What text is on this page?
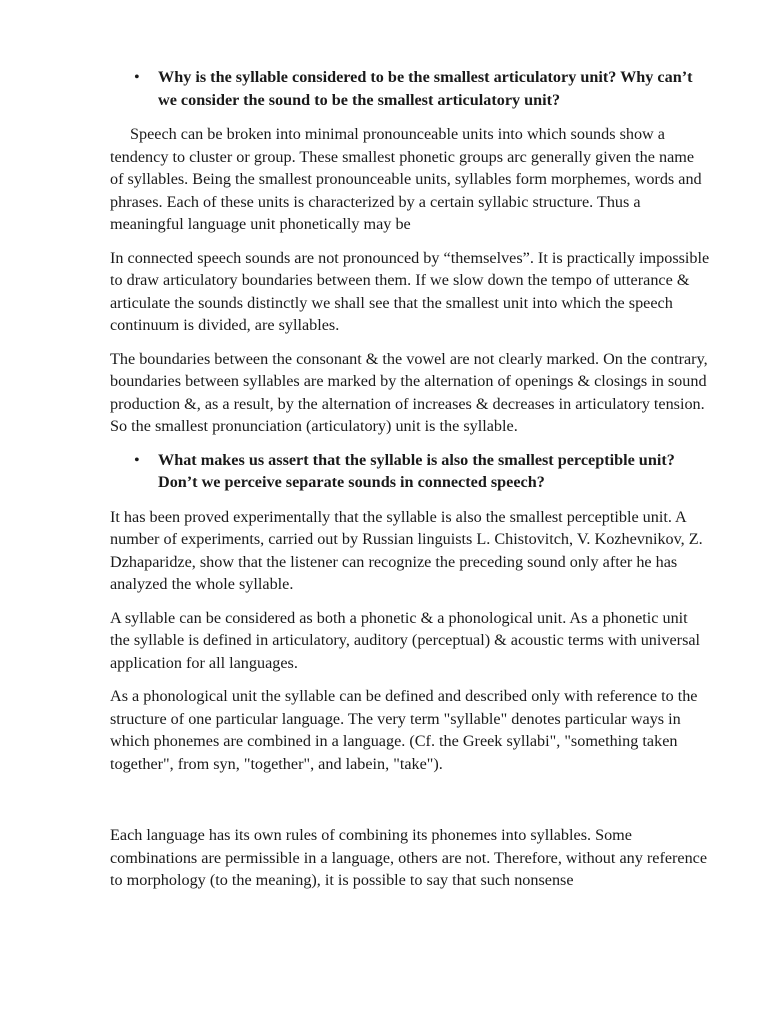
•	Why is the syllable considered to be the smallest articulatory unit? Why can’t we consider the sound to be the smallest articulatory unit?

Speech can be broken into minimal pronounceable units into which sounds show a tendency to cluster or group. These smallest phonetic groups arc generally given the name of syllables. Being the smallest pronounceable units, syllables form morphemes, words and phrases. Each of these units is characterized by a certain syllabic structure. Thus a meaningful language unit phonetically may be

In connected speech sounds are not pronounced by “themselves”. It is practically impossible to draw articulatory boundaries between them. If we slow down the tempo of utterance & articulate the sounds distinctly we shall see that the smallest unit into which the speech continuum is divided, are syllables.

The boundaries between the consonant & the vowel are not clearly marked. On the contrary, boundaries between syllables are marked by the alternation of openings & closings in sound production &, as a result, by the alternation of increases & decreases in articulatory tension. So the smallest pronunciation (articulatory) unit is the syllable.

•	What makes us assert that the syllable is also the smallest perceptible unit? Don’t we perceive separate sounds in connected speech?

It has been proved experimentally that the syllable is also the smallest perceptible unit. A number of experiments, carried out by Russian linguists L. Chistovitch, V. Kozhevnikov, Z. Dzhaparidze, show that the listener can recognize the preceding sound only after he has analyzed the whole syllable.

A syllable can be considered as both a phonetic & a phonological unit. As a phonetic unit the syllable is defined in articulatory, auditory (perceptual) & acoustic terms with universal application for all languages.

As a phonological unit the syllable can be defined and described only with reference to the structure of one particular language. The very term "syllable" denotes particular ways in which phonemes are combined in a language. (Cf. the Greek syllabi", "something taken together", from syn, "together", and labein, "take").

Each language has its own rules of combining its phonemes into syllables. Some combinations are permissible in a language, others are not. Therefore, without any reference to morphology (to the meaning), it is possible to say that such nonsense
